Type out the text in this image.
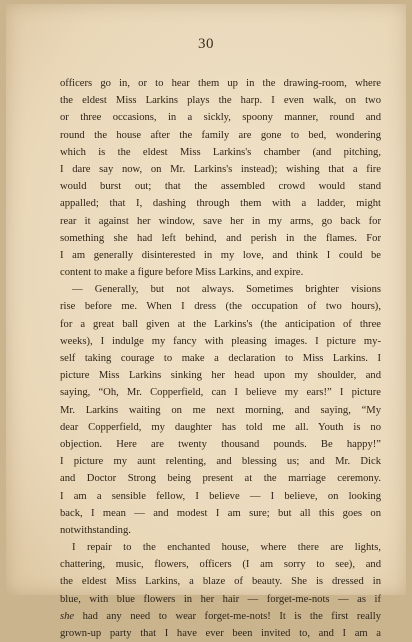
30
officers go in, or to hear them up in the drawing-room, where
the eldest Miss Larkins plays the harp. I even walk, on two
or three occasions, in a sickly, spoony manner, round and
round the house after the family are gone to bed, wondering
which is the eldest Miss Larkins's chamber (and pitching,
I dare say now, on Mr. Larkins's instead); wishing that a fire
would burst out; that the assembled crowd would stand
appalled; that I, dashing through them with a ladder, might
rear it against her window, save her in my arms, go back for
something she had left behind, and perish in the flames. For
I am generally disinterested in my love, and think I could be
content to make a figure before Miss Larkins, and expire.
— Generally, but not always. Sometimes brighter visions
rise before me. When I dress (the occupation of two hours),
for a great ball given at the Larkins's (the anticipation of three
weeks), I indulge my fancy with pleasing images. I picture my-
self taking courage to make a declaration to Miss Larkins. I
picture Miss Larkins sinking her head upon my shoulder, and
saying, “Oh, Mr. Copperfield, can I believe my ears!” I picture
Mr. Larkins waiting on me next morning, and saying, “My
dear Copperfield, my daughter has told me all. Youth is no
objection. Here are twenty thousand pounds. Be happy!”
I picture my aunt relenting, and blessing us; and Mr. Dick
and Doctor Strong being present at the marriage ceremony.
I am a sensible fellow, I believe — I believe, on looking
back, I mean — and modest I am sure; but all this goes on
notwithstanding.
I repair to the enchanted house, where there are lights,
chattering, music, flowers, officers (I am sorry to see), and
the eldest Miss Larkins, a blaze of beauty. She is dressed in
blue, with blue flowers in her hair — forget-me-nots — as if
she had any need to wear forget-me-nots! It is the first really
grown-up party that I have ever been invited to, and I am a
